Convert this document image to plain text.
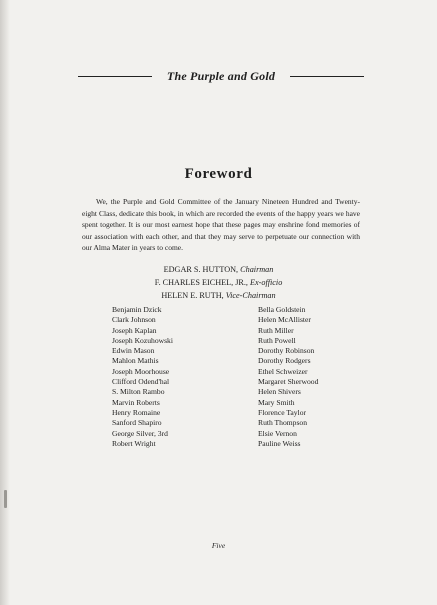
The Purple and Gold
Foreword

We, the Purple and Gold Committee of the January Nineteen Hundred and Twenty-eight Class, dedicate this book, in which are recorded the events of the happy years we have spent together. It is our most earnest hope that these pages may enshrine fond memories of our association with each other, and that they may serve to perpetuate our connection with our Alma Mater in years to come.

EDGAR S. HUTTON, Chairman
F. CHARLES EICHEL, JR., Ex-officio
HELEN E. RUTH, Vice-Chairman
Benjamin Dzick
Clark Johnson
Joseph Kaplan
Joseph Kozuhowski
Edwin Mason
Mahlon Mathis
Joseph Moorhouse
Clifford Odend'hal
S. Milton Rambo
Marvin Roberts
Henry Romaine
Sanford Shapiro
George Silver, 3rd
Robert Wright
Bella Goldstein
Helen McAllister
Ruth Miller
Ruth Powell
Dorothy Robinson
Dorothy Rodgers
Ethel Schweizer
Margaret Sherwood
Helen Shivers
Mary Smith
Florence Taylor
Ruth Thompson
Elsie Vernon
Pauline Weiss
Five
